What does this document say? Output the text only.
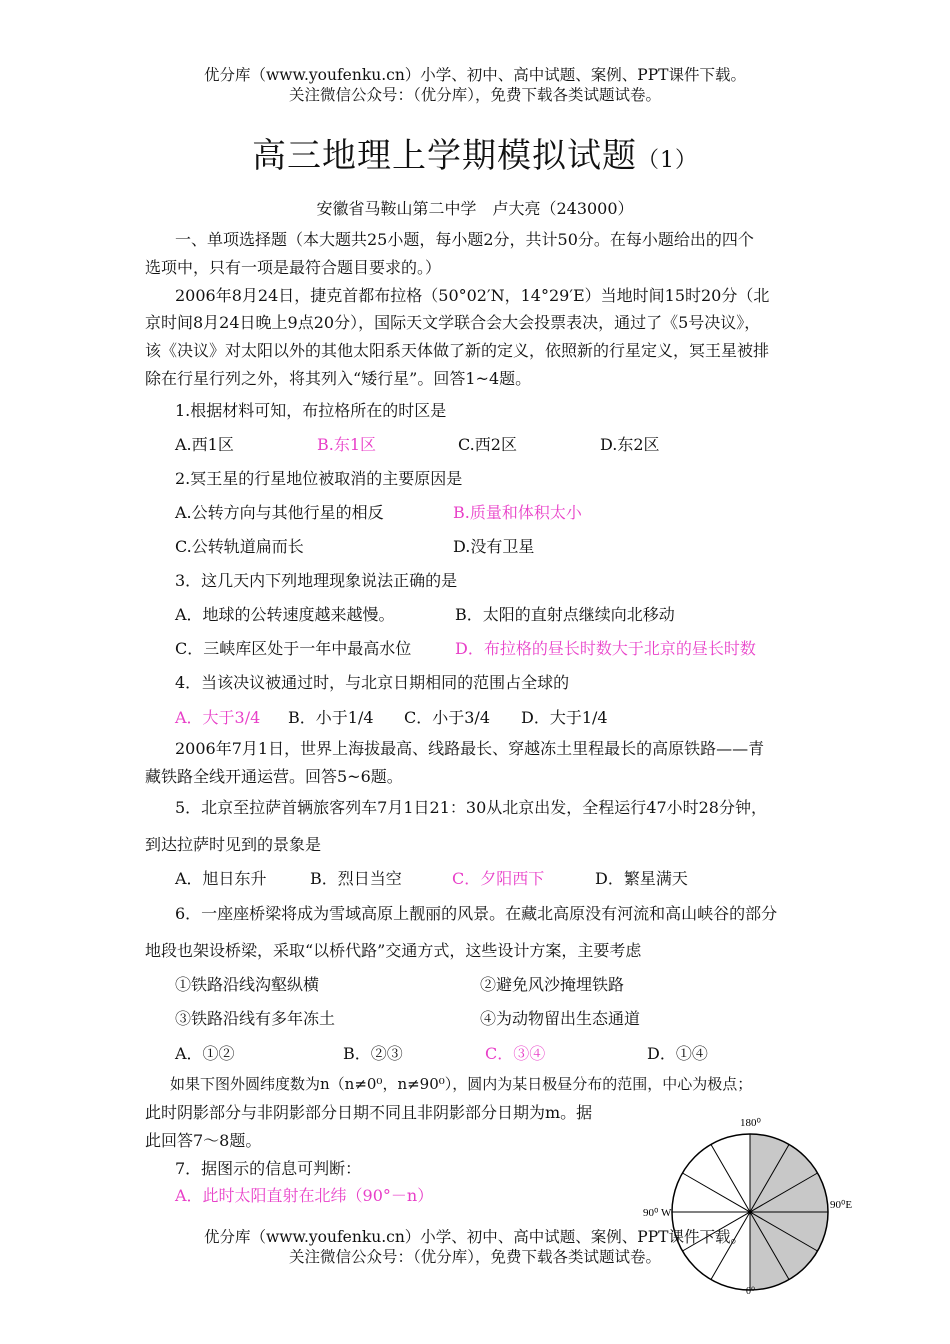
优分库（www.youfenku.cn）小学、初中、高中试题、案例、PPT课件下载。
关注微信公众号：（优分库），免费下载各类试题试卷。
高三地理上学期模拟试题（1）
安徽省马鞍山第二中学　卢大亮（243000）
一、单项选择题（本大题共25小题，每小题2分，共计50分。在每小题给出的四个
选项中，只有一项是最符合题目要求的。）
2006年8月24日，捷克首都布拉格（50°02′N，14°29′E）当地时间15时20分（北
京时间8月24日晚上9点20分），国际天文学联合会大会投票表决，通过了《5号决议》，
该《决议》对太阳以外的其他太阳系天体做了新的定义，依照新的行星定义，冥王星被排
除在行星行列之外，将其列入“矮行星”。回答1~4题。
1.根据材料可知，布拉格所在的时区是
A.西1区	B.东1区	C.西2区	D.东2区
2.冥王星的行星地位被取消的主要原因是
A.公转方向与其他行星的相反	B.质量和体积太小
C.公转轨道扁而长	D.没有卫星
3．这几天内下列地理现象说法正确的是
A．地球的公转速度越来越慢。	B．太阳的直射点继续向北移动
C．三峡库区处于一年中最高水位	D．布拉格的昼长时数大于北京的昼长时数
4．当该决议被通过时，与北京日期相同的范围占全球的
A．大于3/4 B．小于1/4 C．小于3/4 D．大于1/4
2006年7月1日，世界上海拔最高、线路最长、穿越冻土里程最长的高原铁路——青
藏铁路全线开通运营。回答5~6题。
5．北京至拉萨首辆旅客列车7月1日21：30从北京出发，全程运行47小时28分钟，
到达拉萨时见到的景象是
A．旭日东升	B．烈日当空	C．夕阳西下	D．繁星满天
6．一座座桥梁将成为雪域高原上靓丽的风景。在藏北高原没有河流和高山峡谷的部分
地段也架设桥梁，采取“以桥代路”交通方式，这些设计方案，主要考虑
①铁路沿线沟壑纵横	②避免风沙掩埋铁路
③铁路沿线有多年冻土	④为动物留出生态通道
A．①②	B．②③	C．③④	D．①④
如果下图外圆纬度数为n（n≠0⁰，n≠90⁰），圆内为某日极昼分布的范围，中心为极点；
此时阴影部分与非阴影部分日期不同且非阴影部分日期为m。据
此回答7～8题。
7．据图示的信息可判断：
A．此时太阳直射在北纬（90°－n）
180⁰
90⁰ W
90⁰E
0⁰
优分库（www.youfenku.cn）小学、初中、高中试题、案例、PPT课件下载。
关注微信公众号：（优分库），免费下载各类试题试卷。
